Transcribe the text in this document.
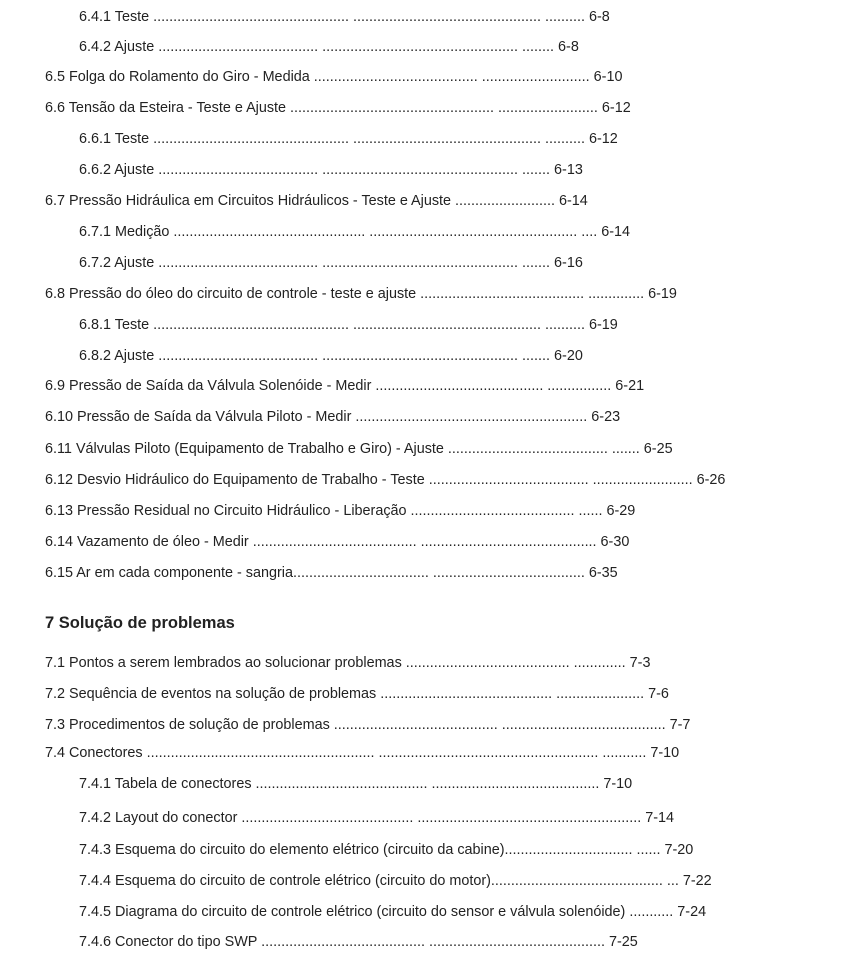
6.4.1 Teste ................................................. ............................................... .......... 6-8
6.4.2 Ajuste ........................................ ................................................. ........ 6-8
6.5 Folga do Rolamento do Giro - Medida ......................................... ........................... 6-10
6.6 Tensão da Esteira - Teste e Ajuste ................................................... ......................... 6-12
6.6.1 Teste ................................................. ............................................... .......... 6-12
6.6.2 Ajuste ........................................ ................................................. ....... 6-13
6.7 Pressão Hidráulica em Circuitos Hidráulicos - Teste e Ajuste ......................... 6-14
6.7.1 Medição ................................................ .................................................... .... 6-14
6.7.2 Ajuste ........................................ ................................................. ....... 6-16
6.8 Pressão do óleo do circuito de controle - teste e ajuste ......................................... .............. 6-19
6.8.1 Teste ................................................. ............................................... .......... 6-19
6.8.2 Ajuste ........................................ ................................................. ....... 6-20
6.9 Pressão de Saída da Válvula Solenóide - Medir .......................................... ................ 6-21
6.10 Pressão de Saída da Válvula Piloto - Medir .......................................................... 6-23
6.11 Válvulas Piloto (Equipamento de Trabalho e Giro) - Ajuste ........................................ ....... 6-25
6.12 Desvio Hidráulico do Equipamento de Trabalho - Teste ........................................ ......................... 6-26
6.13 Pressão Residual no Circuito Hidráulico - Liberação ......................................... ...... 6-29
6.14 Vazamento de óleo - Medir ......................................... ............................................ 6-30
6.15 Ar em cada componente - sangria.................................. ...................................... 6-35
7 Solução de problemas
7.1 Pontos a serem lembrados ao solucionar problemas ......................................... ............. 7-3
7.2 Sequência de eventos na solução de problemas ........................................... ...................... 7-6
7.3 Procedimentos de solução de problemas ......................................... ......................................... 7-7
7.4 Conectores ......................................................... ....................................................... ........... 7-10
7.4.1 Tabela de conectores ........................................... .......................................... 7-10
7.4.2 Layout do conector ........................................... ........................................................ 7-14
7.4.3 Esquema do circuito do elemento elétrico (circuito da cabine)................................ ...... 7-20
7.4.4 Esquema do circuito de controle elétrico (circuito do motor)........................................... ... 7-22
7.4.5 Diagrama do circuito de controle elétrico (circuito do sensor e válvula solenóide) ........... 7-24
7.4.6 Conector do tipo SWP ......................................... ............................................ 7-25
